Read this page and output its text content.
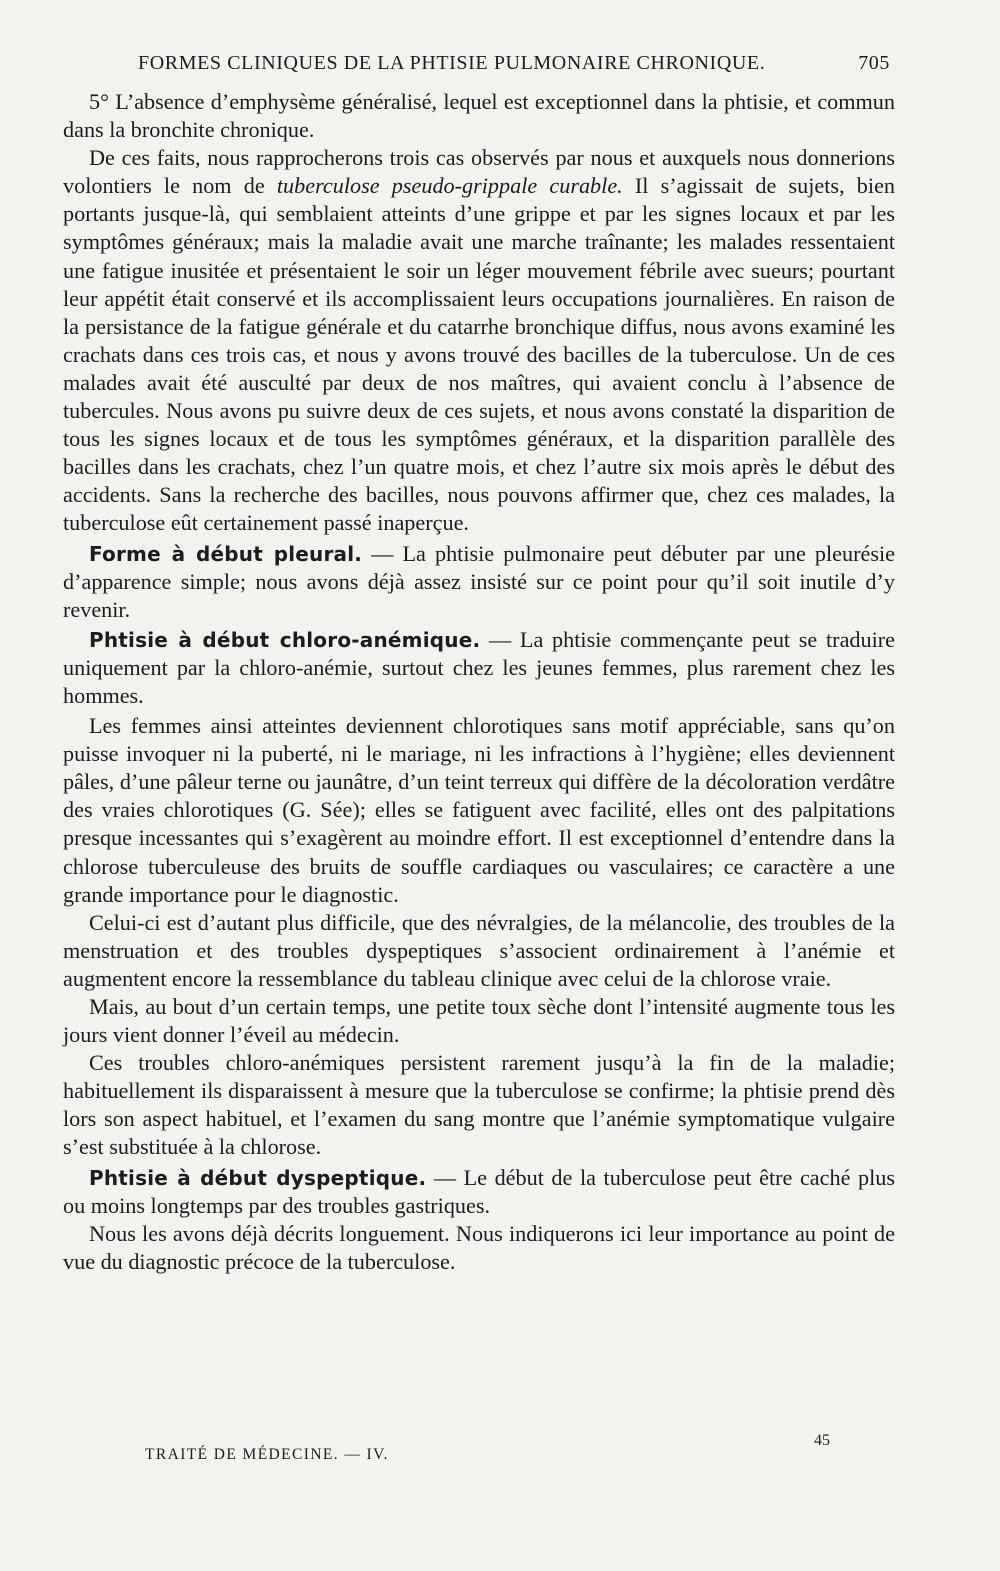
FORMES CLINIQUES DE LA PHTISIE PULMONAIRE CHRONIQUE.	705

5° L’absence d’emphysème généralisé, lequel est exceptionnel dans la phtisie, et commun dans la bronchite chronique.

De ces faits, nous rapprocherons trois cas observés par nous et auxquels nous donnerions volontiers le nom de tuberculose pseudo-grippale curable. Il s’agissait de sujets, bien portants jusque-là, qui semblaient atteints d’une grippe et par les signes locaux et par les symptômes généraux; mais la maladie avait une marche traînante; les malades ressentaient une fatigue inusitée et présentaient le soir un léger mouvement fébrile avec sueurs; pourtant leur appétit était conservé et ils accomplissaient leurs occupations journalières. En raison de la persistance de la fatigue générale et du catarrhe bronchique diffus, nous avons examiné les crachats dans ces trois cas, et nous y avons trouvé des bacilles de la tuberculose. Un de ces malades avait été ausculté par deux de nos maîtres, qui avaient conclu à l’absence de tubercules. Nous avons pu suivre deux de ces sujets, et nous avons constaté la disparition de tous les signes locaux et de tous les symptômes généraux, et la disparition parallèle des bacilles dans les crachats, chez l’un quatre mois, et chez l’autre six mois après le début des accidents. Sans la recherche des bacilles, nous pouvons affirmer que, chez ces malades, la tuberculose eût certainement passé inaperçue.

Forme à début pleural. — La phtisie pulmonaire peut débuter par une pleurésie d’apparence simple; nous avons déjà assez insisté sur ce point pour qu’il soit inutile d’y revenir.

Phtisie à début chloro-anémique. — La phtisie commençante peut se traduire uniquement par la chloro-anémie, surtout chez les jeunes femmes, plus rarement chez les hommes.

Les femmes ainsi atteintes deviennent chlorotiques sans motif appréciable, sans qu’on puisse invoquer ni la puberté, ni le mariage, ni les infractions à l’hygiène; elles deviennent pâles, d’une pâleur terne ou jaunâtre, d’un teint terreux qui diffère de la décoloration verdâtre des vraies chlorotiques (G. Sée); elles se fatiguent avec facilité, elles ont des palpitations presque incessantes qui s’exagèrent au moindre effort. Il est exceptionnel d’entendre dans la chlorose tuberculeuse des bruits de souffle cardiaques ou vasculaires; ce caractère a une grande importance pour le diagnostic.

Celui-ci est d’autant plus difficile, que des névralgies, de la mélancolie, des troubles de la menstruation et des troubles dyspeptiques s’associent ordinairement à l’anémie et augmentent encore la ressemblance du tableau clinique avec celui de la chlorose vraie.

Mais, au bout d’un certain temps, une petite toux sèche dont l’intensité augmente tous les jours vient donner l’éveil au médecin.

Ces troubles chloro-anémiques persistent rarement jusqu’à la fin de la maladie; habituellement ils disparaissent à mesure que la tuberculose se confirme; la phtisie prend dès lors son aspect habituel, et l’examen du sang montre que l’anémie symptomatique vulgaire s’est substituée à la chlorose.

Phtisie à début dyspeptique. — Le début de la tuberculose peut être caché plus ou moins longtemps par des troubles gastriques.

Nous les avons déjà décrits longuement. Nous indiquerons ici leur importance au point de vue du diagnostic précoce de la tuberculose.

TRAITÉ DE MÉDECINE. — IV.
45
